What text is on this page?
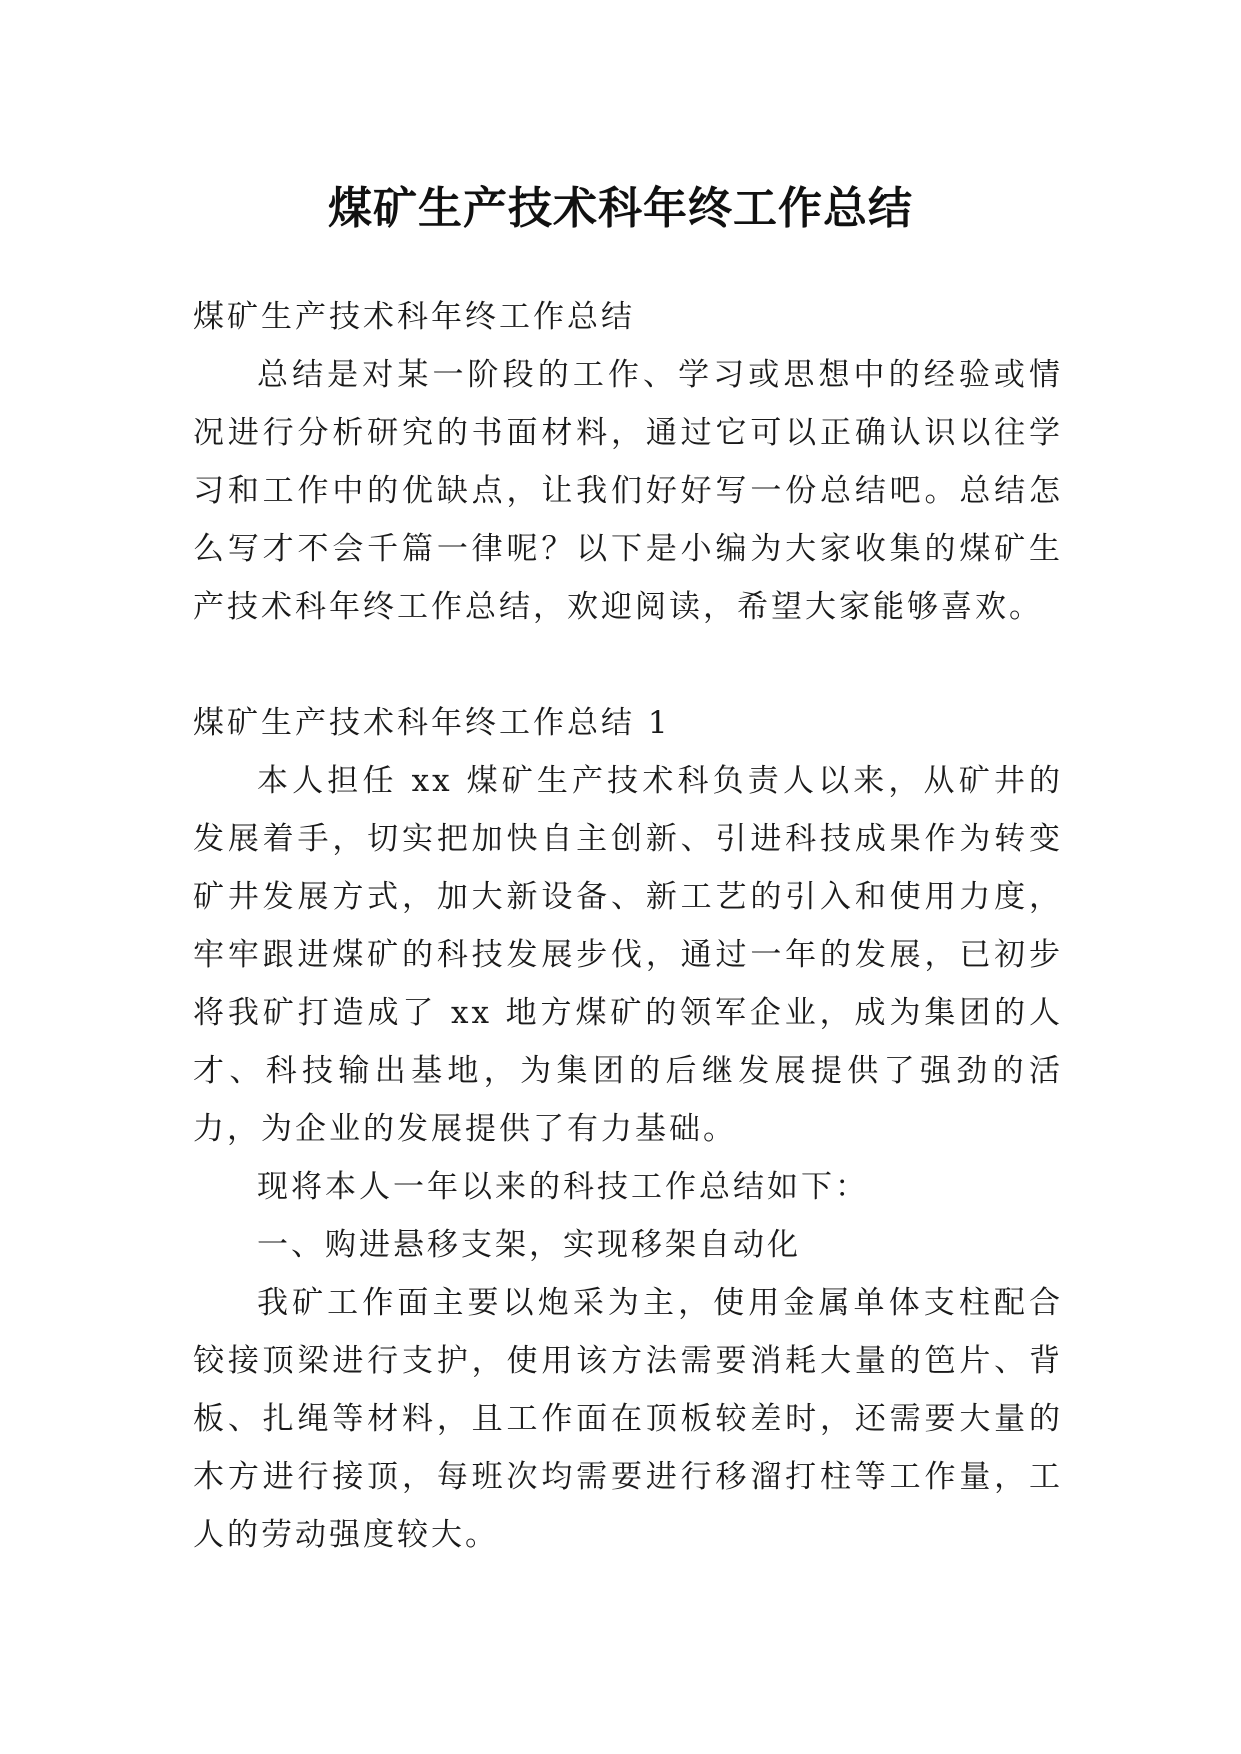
煤矿生产技术科年终工作总结

煤矿生产技术科年终工作总结

总结是对某一阶段的工作、学习或思想中的经验或情况进行分析研究的书面材料，通过它可以正确认识以往学习和工作中的优缺点，让我们好好写一份总结吧。总结怎么写才不会千篇一律呢？以下是小编为大家收集的煤矿生产技术科年终工作总结，欢迎阅读，希望大家能够喜欢。

煤矿生产技术科年终工作总结 1

本人担任 xx 煤矿生产技术科负责人以来，从矿井的发展着手，切实把加快自主创新、引进科技成果作为转变矿井发展方式，加大新设备、新工艺的引入和使用力度，牢牢跟进煤矿的科技发展步伐，通过一年的发展，已初步将我矿打造成了 xx 地方煤矿的领军企业，成为集团的人才、科技输出基地，为集团的后继发展提供了强劲的活力，为企业的发展提供了有力基础。

现将本人一年以来的科技工作总结如下：

一、购进悬移支架，实现移架自动化

我矿工作面主要以炮采为主，使用金属单体支柱配合铰接顶梁进行支护，使用该方法需要消耗大量的笆片、背板、扎绳等材料，且工作面在顶板较差时，还需要大量的木方进行接顶，每班次均需要进行移溜打柱等工作量，工人的劳动强度较大。
